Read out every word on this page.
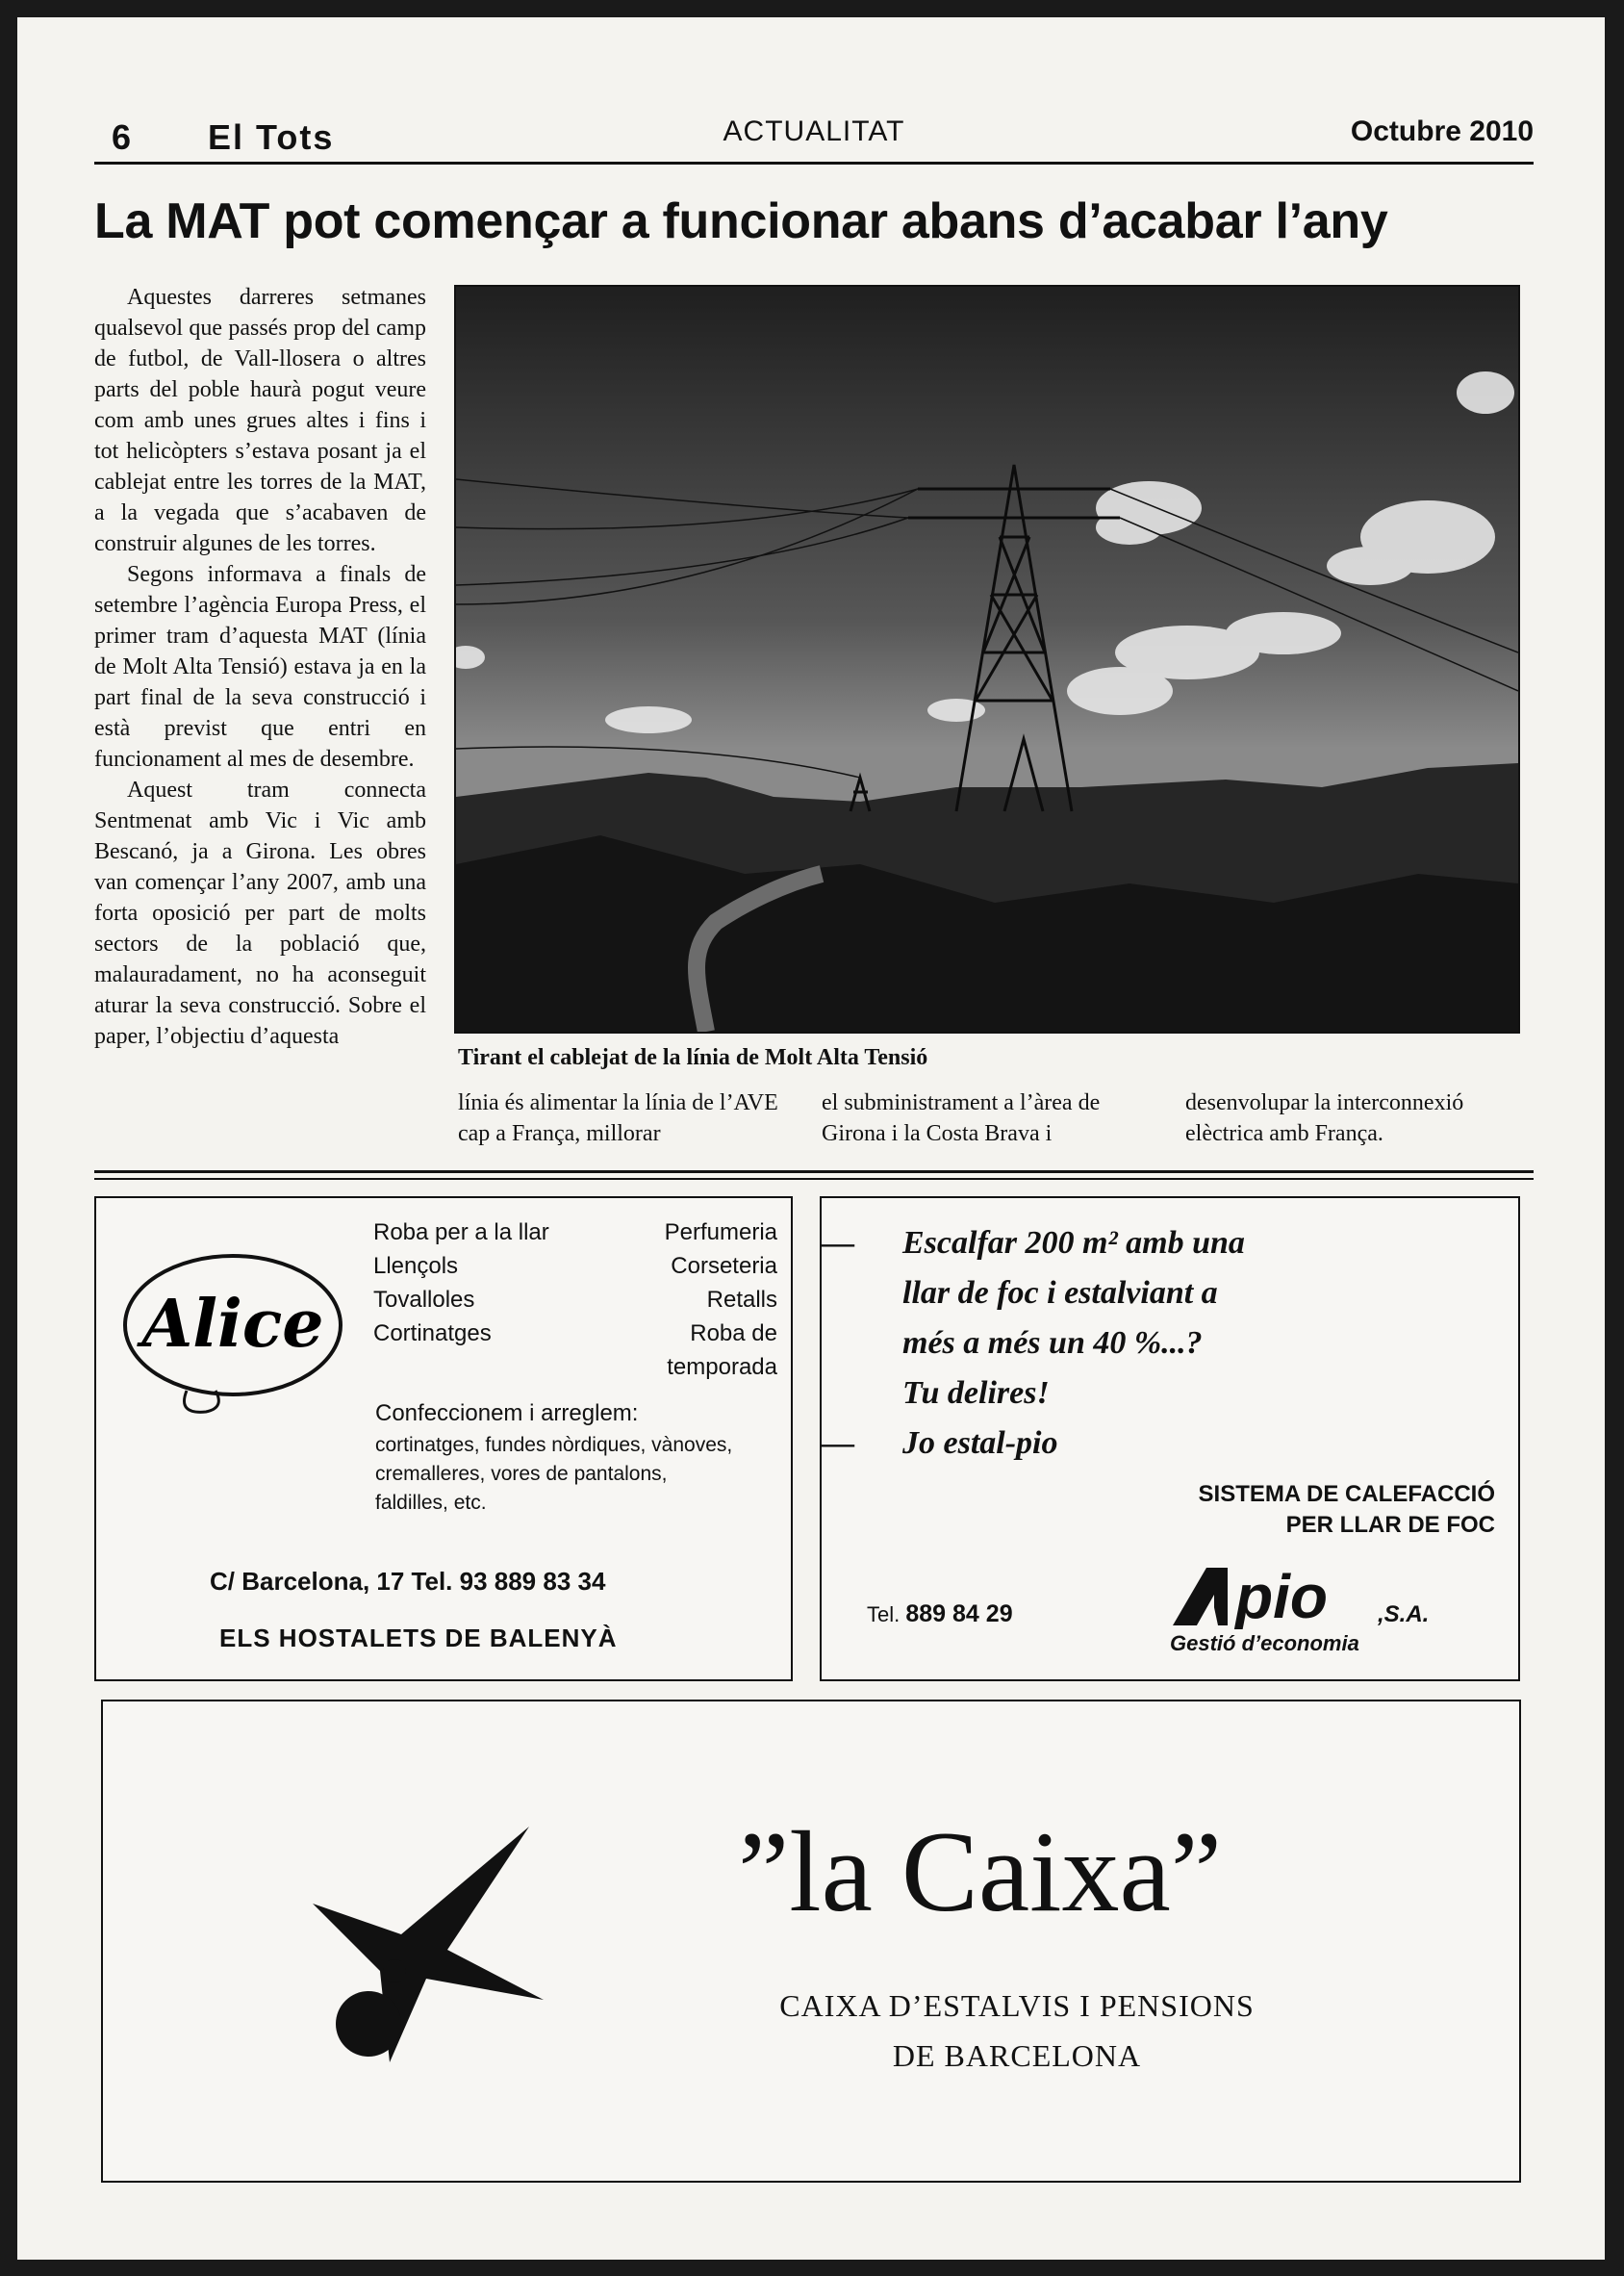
6 El Tots	ACTUALITAT	Octubre 2010
La MAT pot començar a funcionar abans d’acabar l’any

Aquestes darreres setmanes qualsevol que passés prop del camp de futbol, de Vall-llosera o altres parts del poble haurà pogut veure com amb unes grues altes i fins i tot helicòpters s’estava posant ja el cablejat entre les torres de la MAT, a la vegada que s’acabaven de construir algunes de les torres.

Segons informava a finals de setembre l’agència Europa Press, el primer tram d’aquesta MAT (línia de Molt Alta Tensió) estava ja en la part final de la seva construcció i està previst que entri en funcionament al mes de desembre.

Aquest tram connecta Sentmenat amb Vic i Vic amb Bescanó, ja a Girona. Les obres van començar l’any 2007, amb una forta oposició per part de molts sectors de la població que, malauradament, no ha aconseguit aturar la seva construcció. Sobre el paper, l’objectiu d’aquesta

Tirant el cablejat de la línia de Molt Alta Tensió
línia és alimentar la línia de l’AVE cap a França, millorar
el subministrament a l’àrea de Girona i la Costa Brava i
desenvolupar la interconnexió elèctrica amb França.
Alice
Roba per a la llar
Llençols
Tovalloles
Cortinatges
Perfumeria
Corseteria
Retalls
Roba de
temporada
Confeccionem i arreglem:
cortinatges, fundes nòrdiques, vànoves, cremalleres, vores de pantalons, faldilles, etc.
C/ Barcelona, 17 Tel. 93 889 83 34
ELS HOSTALETS DE BALENYÀ
— Escalfar 200 m² amb una
llar de foc i estalviant a
més a més un 40 %...?
Tu delires!
— Jo estal-pio
SISTEMA DE CALEFACCIÓ
PER LLAR DE FOC
Tel. 889 84 29	pio ,S.A.
Gestió d’economia
”la Caixa”
CAIXA D’ESTALVIS I PENSIONS
DE BARCELONA
